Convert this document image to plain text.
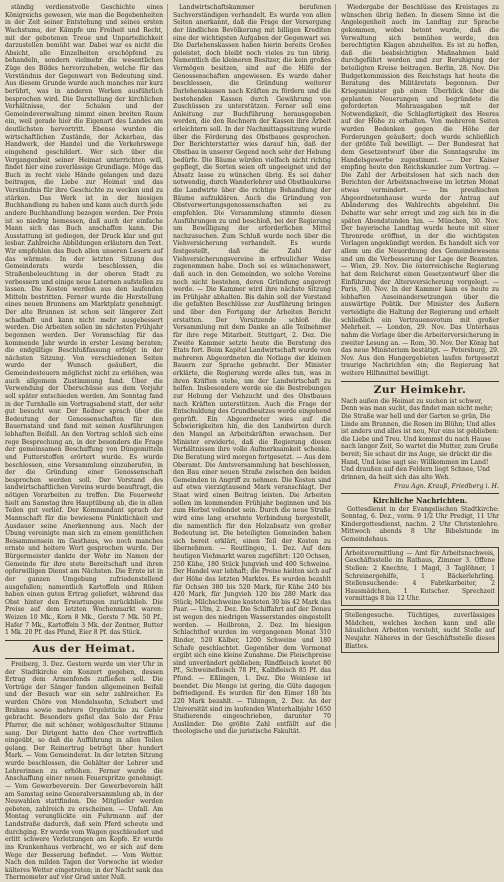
ständig verdienstvolle Geschichte eines Königreichs gewesen, wie man die Begebenheiten in der Zeit seiner Entstehung und seines ersten Wachstums, der Kämpfe um Freiheit und Recht, mit der gebotenen Treue und Unparteilichkeit darzustellen bemüht war. Dabei war es nicht die Absicht, alle Einzelheiten erschöpfend zu behandeln, sondern vielmehr die wesentlichen Züge des Bildes hervorzuheben, welche für das Verständnis der Gegenwart von Bedeutung sind. Aus diesem Grunde wurde auch manches nur kurz berührt, was in anderen Werken ausführlich besprochen wird. Die Darstellung der kirchlichen Verhältnisse, der Schulen und der Gemeindeverwaltung nimmt einen breiten Raum ein, weil gerade hier die Eigenart des Landes am deutlichsten hervortritt. Ebenso wurden die wirtschaftlichen Zustände, der Ackerbau, das Handwerk, der Handel und die Verkehrswege eingehend geschildert. Wer sich über die Vergangenheit seiner Heimat unterrichten will, findet hier eine zuverlässige Grundlage. Möge das Buch in recht viele Hände gelangen und dazu beitragen, die Liebe zur Heimat und das Verständnis für ihre Geschichte zu wecken und zu stärken. Das Werk ist in der hiesigen Buchhandlung zu haben und kann auch durch jede andere Buchhandlung bezogen werden. Der Preis ist so niedrig bemessen, daß auch der einfache Mann sich das Buch anschaffen kann. Die Ausstattung ist gediegen, der Druck klar und gut lesbar. Zahlreiche Abbildungen erläutern den Text. Wir empfehlen das Buch allen unseren Lesern auf das wärmste. In der letzten Sitzung des Gemeinderats wurde beschlossen, die Straßenbeleuchtung in der oberen Stadt zu verbessern und einige neue Laternen aufstellen zu lassen. Die Kosten werden aus den laufenden Mitteln bestritten. Ferner wurde die Herstellung eines neuen Brunnens am Marktplatz genehmigt. Der alte Brunnen ist schon seit längerer Zeit schadhaft und kann nicht mehr ausgebessert werden. Die Arbeiten sollen im nächsten Frühjahr begonnen werden. Der Voranschlag für das kommende Jahr wurde in erster Lesung beraten; die endgültige Beschlußfassung erfolgt in der nächsten Sitzung. Von verschiedenen Seiten wurde der Wunsch geäußert, die Gemeindesteuern möglichst nicht zu erhöhen, was auch allgemein Zustimmung fand. Über die Verwendung der Überschüsse aus dem Vorjahr soll später entschieden werden. Am Sonntag fand in der Turnhalle ein Vortragsabend statt, der sehr gut besucht war. Der Redner sprach über die Bedeutung der Genossenschaften für den Bauernstand und fand mit seinen Ausführungen lebhaften Beifall. An den Vortrag schloß sich eine rege Besprechung an, in der besonders die Frage der gemeinsamen Beschaffung von Düngemitteln und Futterstoffen erörtert wurde. Es wurde beschlossen, eine Versammlung einzuberufen, in der die Gründung einer Genossenschaft besprochen werden soll. Der Vorstand des landwirtschaftlichen Vereins wurde beauftragt, die nötigen Vorarbeiten zu treffen. Die Feuerwehr hielt am Samstag ihre Hauptübung ab, die in allen Teilen gut verlief. Der Kommandant sprach der Mannschaft für die bewiesene Pünktlichkeit und Ausdauer seine Anerkennung aus. Nach der Übung vereinigte man sich zu einem gemütlichen Beisammensein im Gasthaus, wo noch manches ernste und heitere Wort gesprochen wurde. Der Bürgermeister dankte der Wehr im Namen der Gemeinde für ihre stete Bereitschaft und ihren opferwilligen Dienst am Nächsten. Die Ernte ist in der ganzen Umgebung zufriedenstellend ausgefallen; namentlich Kartoffeln und Rüben haben einen guten Ertrag geliefert, während das Obst hinter den Erwartungen zurückblieb. Die Preise auf dem letzten Wochenmarkt waren: Weizen 10 Mk., Korn 8 Mk., Gerste 7 Mk. 50 Pf., Hafer 7 Mk., Kartoffeln 3 Mk. der Zentner, Butter 1 Mk. 20 Pf. das Pfund, Eier 8 Pf. das Stück.

Aus der Heimat.

Freiberg, 3. Dez. Gestern wurde um vier Uhr in der Stadtkirche ein Konzert gegeben, dessen Ertrag dem Armenfonds zufließen soll. Die Vorträge der Sänger fanden allgemeinen Beifall und der Besuch war ein sehr zahlreicher. Es wurden Chöre von Mendelssohn, Schubert und Brahms sowie mehrere Orgelstücke zu Gehör gebracht. Besonders gefiel das Solo der Frau Pfarrer, die mit schöner, wohlgeschulter Stimme sang. Der Dirigent hatte den Chor vortrefflich eingeübt, so daß die Aufführung in allen Teilen gelang. Der Reinertrag beträgt über hundert Mark. — Vom Gemeinderat. In der letzten Sitzung wurde beschlossen, die Gehälter der Lehrer und Lehrerinnen zu erhöhen. Ferner wurde die Anschaffung einer neuen Feuerspritze genehmigt. — Vom Gewerbeverein. Der Gewerbeverein hält am Samstag seine Generalversammlung ab, in der Neuwahlen stattfinden. Die Mitglieder werden gebeten, zahlreich zu erscheinen. — Unfall. Am Montag verunglückte ein Fuhrmann auf der Landstraße dadurch, daß sein Pferd scheute und durchging. Er wurde vom Wagen geschleudert und erlitt schwere Verletzungen am Kopfe. Er wurde ins Krankenhaus verbracht, wo er sich auf dem Wege der Besserung befindet. — Vom Wetter. Nach den milden Tagen der Vorwoche ist wieder kälteres Wetter eingetreten; in der Nacht sank das Thermometer auf vier Grad unter Null.

Landwirtschaftskammer berufenen Sachverständigen verhandelt. Es wurde von allen Seiten anerkannt, daß die Frage der Versorgung der ländlichen Bevölkerung mit billigen Krediten eine der wichtigsten Aufgaben der Gegenwart sei. Die Darlehenskassen haben hierin bereits Großes geleistet, doch bleibt noch vieles zu tun übrig. Namentlich die kleineren Besitzer, die kein großes Vermögen besitzen, sind auf die Hilfe der Genossenschaften angewiesen. Es wurde daher beschlossen, die Gründung weiterer Darlehenskassen nach Kräften zu fördern und die bestehenden Kassen durch Gewährung von Zuschüssen zu unterstützen. Ferner soll eine Anleitung zur Buchführung herausgegeben werden, die den Rechnern der Kassen ihre Arbeit erleichtern soll. In der Nachmittagssitzung wurde über die Förderung des Obstbaues gesprochen. Der Berichterstatter wies darauf hin, daß der Obstbau in unserer Gegend noch sehr der Hebung bedürfe. Die Bäume würden vielfach nicht richtig gepflegt, die Sorten seien oft ungeeignet und der Absatz lasse zu wünschen übrig. Es sei daher notwendig, durch Wanderlehrer und Obstbaukurse die Landwirte über die richtige Behandlung der Bäume aufzuklären. Auch die Gründung von Obstverwertungsgenossenschaften sei zu empfehlen. Die Versammlung stimmte diesen Ausführungen zu und beschloß, bei der Regierung um Bewilligung der erforderlichen Mittel nachzusuchen. Zum Schluß wurde noch über die Viehversicherung verhandelt. Es wurde festgestellt, daß die Zahl der Viehversicherungsvereine in erfreulicher Weise zugenommen habe. Doch sei es wünschenswert, daß auch in den Gemeinden, wo solche Vereine noch nicht bestehen, deren Gründung angeregt werde. — Die Kammer wird ihre nächste Sitzung im Frühjahr abhalten. Bis dahin soll der Vorstand die gefaßten Beschlüsse zur Ausführung bringen und über den Fortgang der Arbeiten Bericht erstatten. Der Vorsitzende schloß die Versammlung mit dem Danke an alle Teilnehmer für ihre rege Mitarbeit. Stuttgart, 2. Dez. Die Zweite Kammer setzte heute die Beratung des Etats fort. Beim Kapitel Landwirtschaft wurde von mehreren Abgeordneten die Notlage der kleinen Bauern zur Sprache gebracht. Der Minister erklärte, die Regierung werde alles tun, was in ihren Kräften stehe, um der Landwirtschaft zu helfen. Insbesondere werde sie die Bestrebungen zur Hebung der Viehzucht und des Obstbaues nach Kräften unterstützen. Auch die Frage der Entschuldung des Grundbesitzes werde eingehend geprüft. Ein Abgeordneter wies auf die Schwierigkeiten hin, die den Landwirten durch den Mangel an Arbeitskräften erwachsen. Der Minister erwiderte, daß die Regierung diesen Verhältnissen ihre volle Aufmerksamkeit schenke. Die Beratung wird morgen fortgesetzt. — Aus dem Oberamt. Die Amtsversammlung hat beschlossen, den Bau einer neuen Straße zwischen den beiden Gemeinden in Angriff zu nehmen. Die Kosten sind auf etwa vierzigtausend Mark veranschlagt. Der Staat wird einen Beitrag leisten. Die Arbeiten sollen im kommenden Frühjahr beginnen und bis zum Herbst vollendet sein. Durch die neue Straße wird eine lang ersehnte Verbindung hergestellt, die namentlich für den Holzabsatz von großer Bedeutung ist. Die beteiligten Gemeinden haben sich bereit erklärt, einen Teil der Kosten zu übernehmen. — Reutlingen, 1. Dez. Auf dem heutigen Viehmarkt waren zugeführt: 120 Ochsen, 250 Kühe, 180 Stück Jungvieh und 400 Schweine. Der Handel war lebhaft; die Preise hielten sich auf der Höhe des letzten Marktes. Es wurden bezahlt für Ochsen 380 bis 520 Mark, für Kühe 240 bis 420 Mark, für Jungvieh 120 bis 280 Mark das Stück; Milchschweine kosteten 30 bis 42 Mark das Paar. — Ulm, 2. Dez. Die Schiffahrt auf der Donau ist wegen des niedrigen Wasserstandes eingestellt worden. — Heilbronn, 2. Dez. Im hiesigen Schlachthof wurden im vergangenen Monat 310 Rinder, 520 Kälber, 1200 Schweine und 180 Schafe geschlachtet. Gegenüber dem Vormonat ergibt sich eine kleine Zunahme. Die Fleischpreise sind unverändert geblieben; Rindfleisch kostet 80 Pf., Schweinefleisch 78 Pf., Kalbfleisch 85 Pf. das Pfund. — Eßlingen, 1. Dez. Die Weinlese ist beendet. Die Menge ist gering, die Güte dagegen befriedigend. Es wurden für den Eimer 180 bis 220 Mark bezahlt. — Tübingen, 2. Dez. An der Universität sind im laufenden Winterhalbjahr 1650 Studierende eingeschrieben, darunter 70 Ausländer. Die größte Zahl entfällt auf die theologische und die juristische Fakultät.

Wiedergabe der Beschlüsse des Kreistages zu wünschen übrig ließen. In diesem Sinne ist die Angelegenheit auch im Landtag zur Sprache gekommen, wobei betont wurde, daß die Verwaltung sich bemühen werde, den berechtigten Klagen abzuhelfen. Es ist zu hoffen, daß die beabsichtigten Maßnahmen bald durchgeführt werden und zur Beruhigung der beteiligten Kreise beitragen. Berlin, 28. Nov. Die Budgetkommission des Reichstags hat heute die Beratung des Militäretats begonnen. Der Kriegsminister gab einen Überblick über die geplanten Neuerungen und begründete die geforderten Mehrausgaben mit der Notwendigkeit, die Schlagfertigkeit des Heeres auf der Höhe zu erhalten. Von mehreren Seiten wurden Bedenken gegen die Höhe der Forderungen geäußert; doch wurde schließlich der größte Teil bewilligt. — Der Bundesrat hat dem Gesetzentwurf über die Sonntagsruhe im Handelsgewerbe zugestimmt. — Der Kaiser empfing heute den Reichskanzler zum Vortrag. — Die Zahl der Arbeitslosen hat sich nach den Berichten der Arbeitsnachweise im letzten Monat etwas vermindert. — Im preußischen Abgeordnetenhause wurde der Antrag auf Abänderung des Wahlrechts abgelehnt. Die Debatte war sehr erregt und zog sich bis in die späten Abendstunden hin. — München, 30. Nov. Der bayerische Landtag wurde heute mit einer Thronrede eröffnet, in der die wichtigsten Vorlagen angekündigt werden. Es handelt sich vor allem um die Neuordnung des Gemeindewesens und um die Verbesserung der Lage der Beamten. — Wien, 29. Nov. Die österreichische Regierung hat dem Reichsrat einen Gesetzentwurf über die Einführung der Altersversicherung vorgelegt. — Paris, 30. Nov. In der Kammer kam es heute zu lebhaften Auseinandersetzungen über die auswärtige Politik. Der Minister des Äußern verteidigte die Haltung der Regierung und erhielt schließlich ein Vertrauensvotum mit großer Mehrheit. — London, 29. Nov. Das Unterhaus nahm die Vorlage über die Arbeiterversicherung in zweiter Lesung an. — Rom, 30. Nov. Der König hat das neue Ministerium bestätigt. — Petersburg, 29. Nov. Aus den Hungergebieten laufen fortgesetzt traurige Nachrichten ein; die Regierung hat weitere Hilfsmittel bewilligt.

Zur Heimkehr.

Nach außen die Heimat zu suchen ist schwer, Denn was man sucht, das findet man nicht mehr; Die Straße war hell und der Garten so grün, Die Linde am Brunnen, die Rosen im Blühn; Und alles ist anders und alles ist neu, Nur eins ist geblieben: die Liebe und Treu. Und kommst du nach Hause nach langer Zeit, So wartet die Mutter, zum Gruße bereit; Sie schaut dir ins Auge, sie drückt dir die Hand, Und leise sagt sie: Willkommen im Land! Und draußen auf den Feldern liegt Schnee, Und drinnen, da heilt sich das alte Weh.

Frau Agn. Krauß, Friedberg i. H.
Kirchliche Nachrichten.

Gottesdienst in der Evangelischen Stadtkirche: Sonntag, 6. Dez., vorm. 9 1/2 Uhr Predigt, 11 Uhr Kindergottesdienst, nachm. 2 Uhr Christenlehre. Mittwoch abends 8 Uhr Bibelstunde im Gemeindehaus.

Arbeitsvermittlung — Amt für Arbeitsnachweis, Geschäftsstelle im Rathaus, Zimmer 3. Offene Stellen: 2 Knechte, 1 Magd, 3 Taglöhner, 1 Schreinergehilfe, 1 Bäckerlehrling. Stellensuchende: 4 Fabrikarbeiter, 2 Hausmädchen, 1 Kutscher. Sprechzeit vormittags 8 bis 12 Uhr.

Stellengesuche. Tüchtiges, zuverlässiges Mädchen, welches kochen kann und alle häuslichen Arbeiten versteht, sucht Stelle auf Neujahr. Näheres in der Geschäftsstelle dieses Blattes.
